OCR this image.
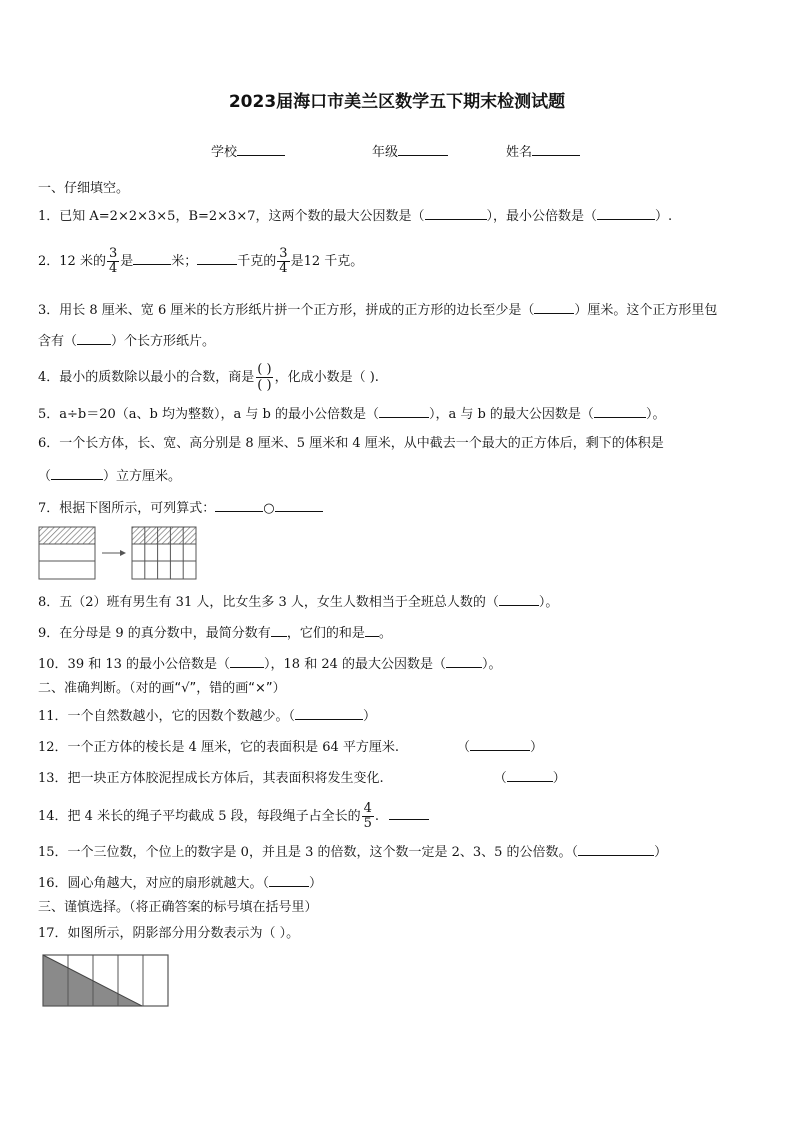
2023届海口市美兰区数学五下期末检测试题
学校	年级	姓名
一、仔细填空。
1．已知 A=2×2×3×5，B=2×3×7，这两个数的最大公因数是（	），最小公倍数是（	）.
2．12 米的 $\frac{3}{4}$ 是	米；	千克的 $\frac{3}{4}$ 是12 千克。
3．用长 8 厘米、宽 6 厘米的长方形纸片拼一个正方形，拼成的正方形的边长至少是（	）厘米。这个正方形里包
含有（	）个长方形纸片。
4．最小的质数除以最小的合数，商是 $\frac{( )}{( )}$ ，化成小数是（ ).
5．a÷b＝20（a、b 均为整数），a 与 b 的最小公倍数是（	），a 与 b 的最大公因数是（	）。
6．一个长方体，长、宽、高分别是 8 厘米、5 厘米和 4 厘米，从中截去一个最大的正方体后，剩下的体积是
（	）立方厘米。
7．根据下图所示，可列算式：	○
8．五（2）班有男生有 31 人，比女生多 3 人，女生人数相当于全班总人数的（	）。
9．在分母是 9 的真分数中，最简分数有 ，它们的和是 。
10．39 和 13 的最小公倍数是（	），18 和 24 的最大公因数是（	）。
二、准确判断。（对的画“√”，错的画“×”）
11．一个自然数越小，它的因数个数越少。（	）
12．一个正方体的棱长是 4 厘米，它的表面积是 64 平方厘米.	（	）
13．把一块正方体胶泥捏成长方体后，其表面积将发生变化.	（	）
14．把 4 米长的绳子平均截成 5 段，每段绳子占全长的 $\frac{4}{5}$ .
15．一个三位数，个位上的数字是 0，并且是 3 的倍数，这个数一定是 2、3、5 的公倍数。（	）
16．圆心角越大，对应的扇形就越大。（	）
三、谨慎选择。（将正确答案的标号填在括号里）
17．如图所示，阴影部分用分数表示为（ ）。
